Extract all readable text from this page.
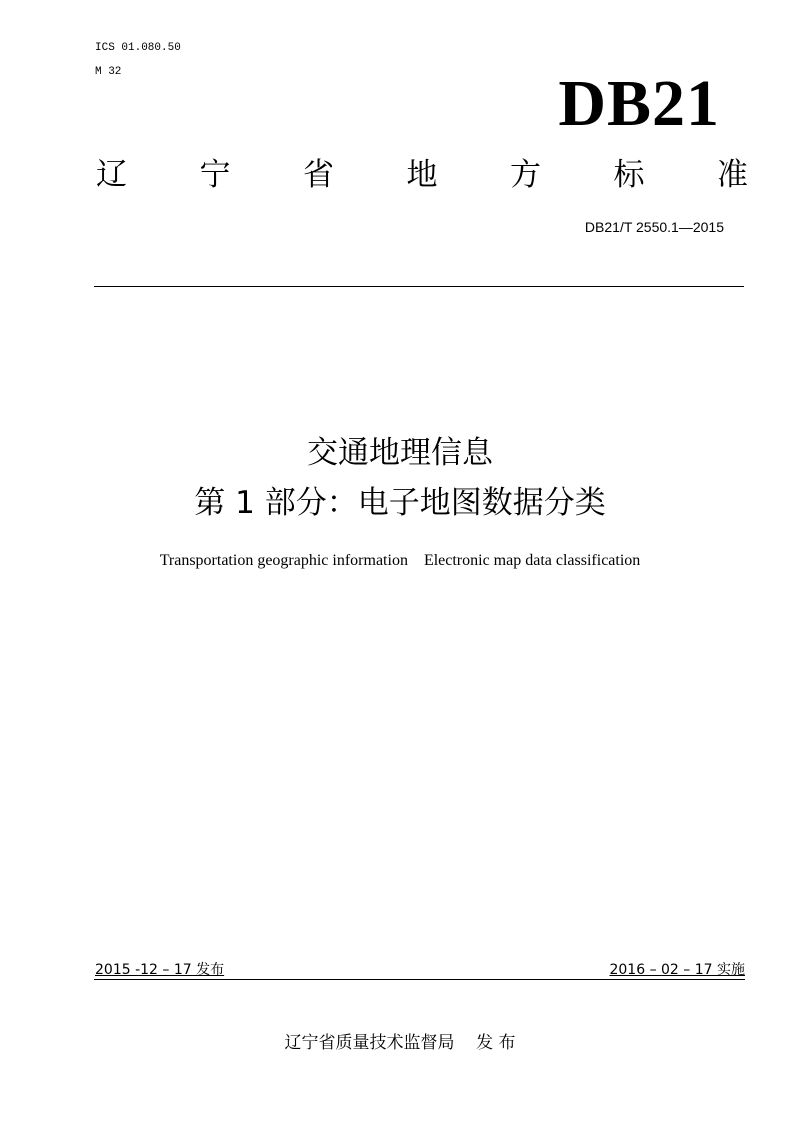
ICS 01.080.50
M 32	DB21
辽 宁 省 地 方 标 准
DB21/T 2550.1—2015
交通地理信息
第 1 部分：电子地图数据分类
Transportation geographic information    Electronic map data classification
2015 -12 – 17 发布	2016 – 02 – 17 实施
辽宁省质量技术监督局 发 布
